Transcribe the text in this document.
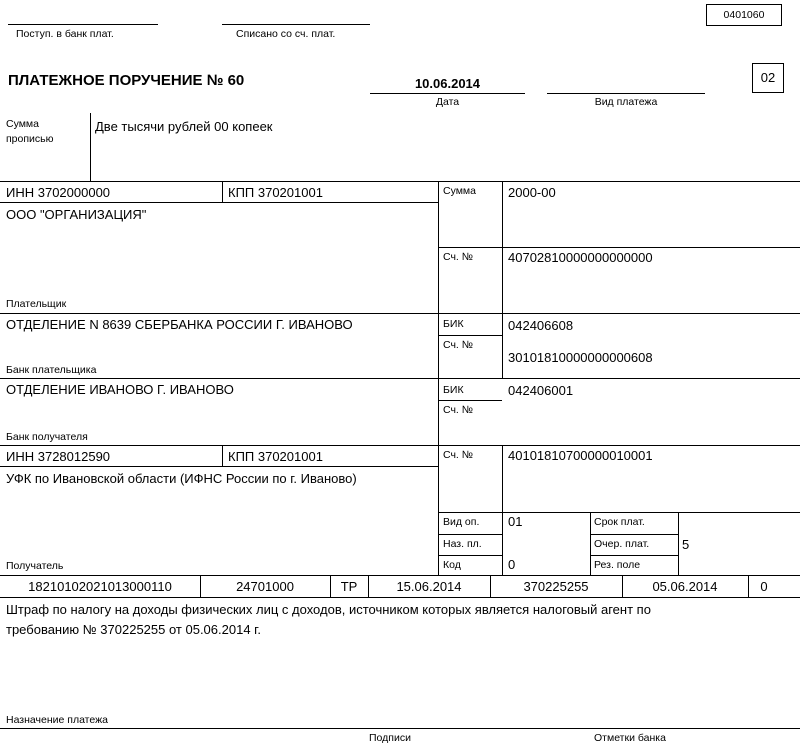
0401060
Поступ. в банк плат.	Списано со сч. плат.
ПЛАТЕЖНОЕ ПОРУЧЕНИЕ № 60	10.06.2014
Дата	Вид платежа
02
Сумма
прописью
Две тысячи рублей 00 копеек
ИНН 3702000000	КПП 370201001
ООО "ОРГАНИЗАЦИЯ"
Плательщик
Сумма 2000-00
Сч. №	40702810000000000000
ОТДЕЛЕНИЕ N 8639 СБЕРБАНКА РОССИИ Г. ИВАНОВО
Банк плательщика
БИК	042406608
Сч. №
30101810000000000608
ОТДЕЛЕНИЕ ИВАНОВО Г. ИВАНОВО
Банк получателя
БИК	042406001
Сч. №
ИНН 3728012590	КПП 370201001
УФК по Ивановской области (ИФНС России по г. Иваново)
Получатель
Сч. №	40101810700000010001
Вид оп. 01
Наз. пл.
Код	0
Срок плат.
Очер. плат.	5
Рез. поле
18210102021013000110	24701000	ТР	15.06.2014	370225255	05.06.2014	0
Штраф по налогу на доходы физических лиц с доходов, источником которых является налоговый агент по
требованию № 370225255 от 05.06.2014 г.
Назначение платежа
Подписи	Отметки банка
